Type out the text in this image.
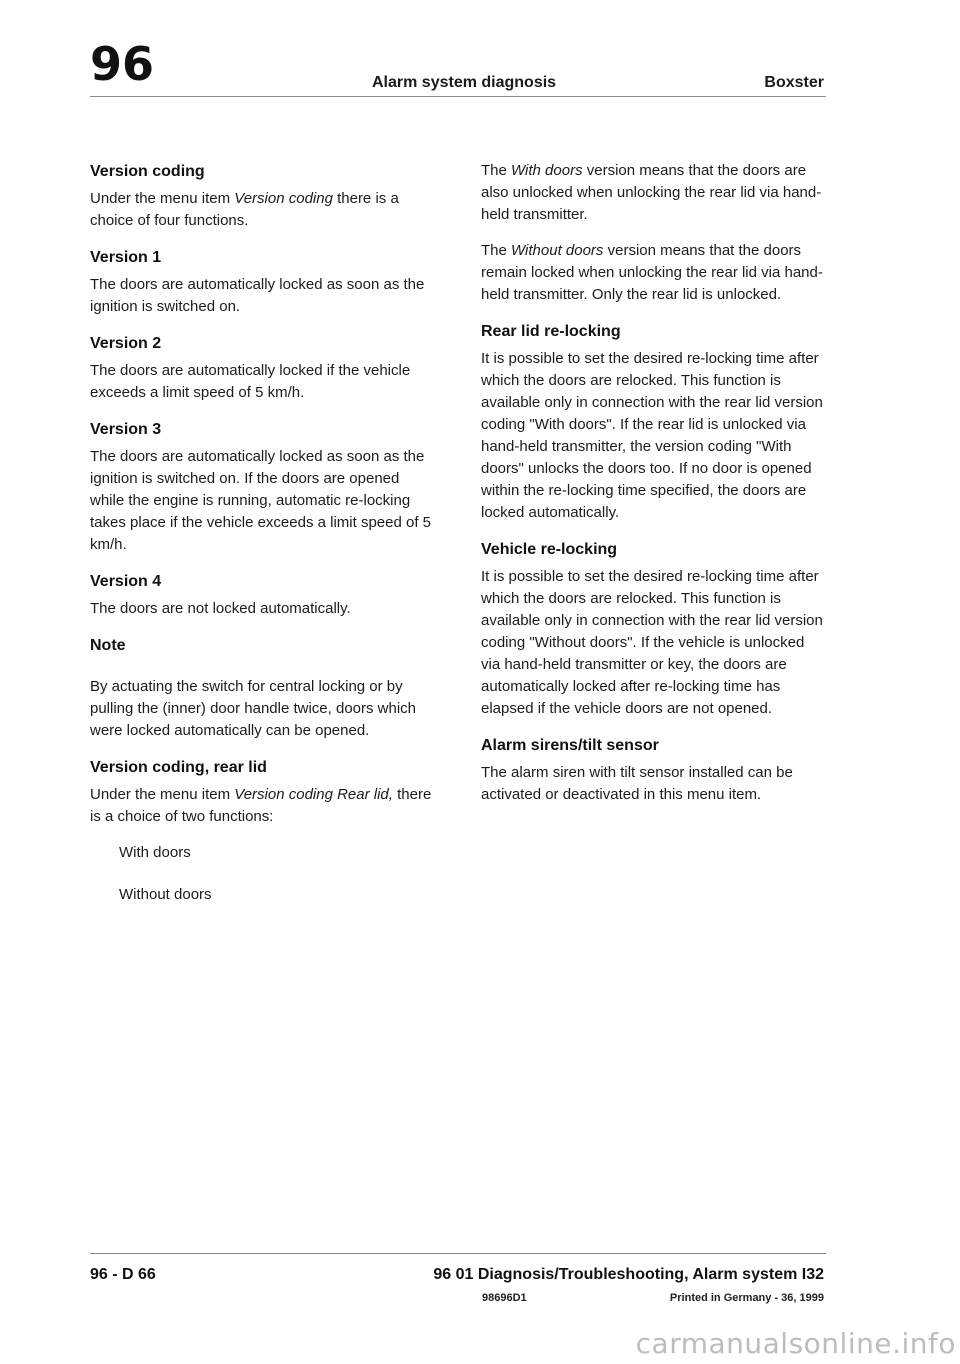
96	Alarm system diagnosis	Boxster
Version coding

Under the menu item Version coding there is a choice of four functions.

Version 1

The doors are automatically locked as soon as the ignition is switched on.

Version 2

The doors are automatically locked if the vehicle exceeds a limit speed of 5 km/h.

Version 3

The doors are automatically locked as soon as the ignition is switched on. If the doors are opened while the engine is running, automatic re-locking takes place if the vehicle exceeds a limit speed of 5 km/h.

Version 4

The doors are not locked automatically.

Note

By actuating the switch for central locking or by pulling the (inner) door handle twice, doors which were locked automatically can be opened.

Version coding, rear lid

Under the menu item Version coding Rear lid, there is a choice of two functions:

With doors

Without doors

The With doors version means that the doors are also unlocked when unlocking the rear lid via hand-held transmitter.

The Without doors version means that the doors remain locked when unlocking the rear lid via hand-held transmitter. Only the rear lid is unlocked.

Rear lid re-locking

It is possible to set the desired re-locking time after which the doors are relocked. This function is available only in connection with the rear lid version coding "With doors". If the rear lid is unlocked via hand-held transmitter, the version coding "With doors" unlocks the doors too. If no door is opened within the re-locking time specified, the doors are locked automatically.

Vehicle re-locking

It is possible to set the desired re-locking time after which the doors are relocked. This function is available only in connection with the rear lid version coding "Without doors". If the vehicle is unlocked via hand-held transmitter or key, the doors are automatically locked after re-locking time has elapsed if the vehicle doors are not opened.

Alarm sirens/tilt sensor

The alarm siren with tilt sensor installed can be activated or deactivated in this menu item.

96 - D 66	96 01 Diagnosis/Troubleshooting, Alarm system I32
98696D1	Printed in Germany - 36, 1999
carmanualsonline.info
